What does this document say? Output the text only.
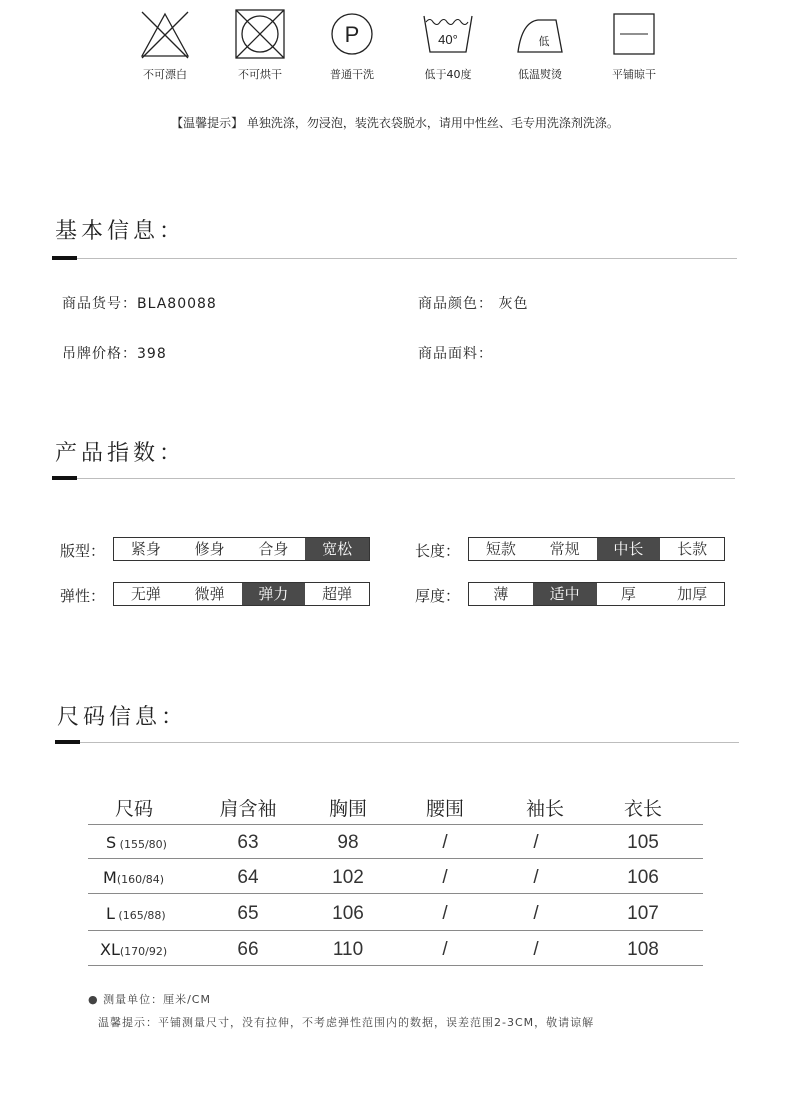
不可漂白	不可烘干
P
普通干洗
40°
低于40度
低
低温熨烫	平铺晾干
【温馨提示】 单独洗涤，勿浸泡，装洗衣袋脱水，请用中性丝、毛专用洗涤剂洗涤。
基本信息：
商品货号：BLA80088	商品颜色： 灰色
吊牌价格：398	商品面料：
产品指数：
版型：	紧身	修身	合身	宽松	长度：	短款	常规	中长	长款
弹性：	无弹	微弹	弹力	超弹	厚度：	薄	适中	厚	加厚
尺码信息：
尺码	肩含袖	胸围	腰围	袖长	衣长
S (155/80)	63	98	/	/	105
M(160/84)	64	102	/	/	106
L (165/88)	65	106	/	/	107
XL(170/92)	66	110	/	/	108
● 测量单位：厘米/CM
温馨提示：平铺测量尺寸，没有拉伸，不考虑弹性范围内的数据，误差范围2-3CM，敬请谅解
